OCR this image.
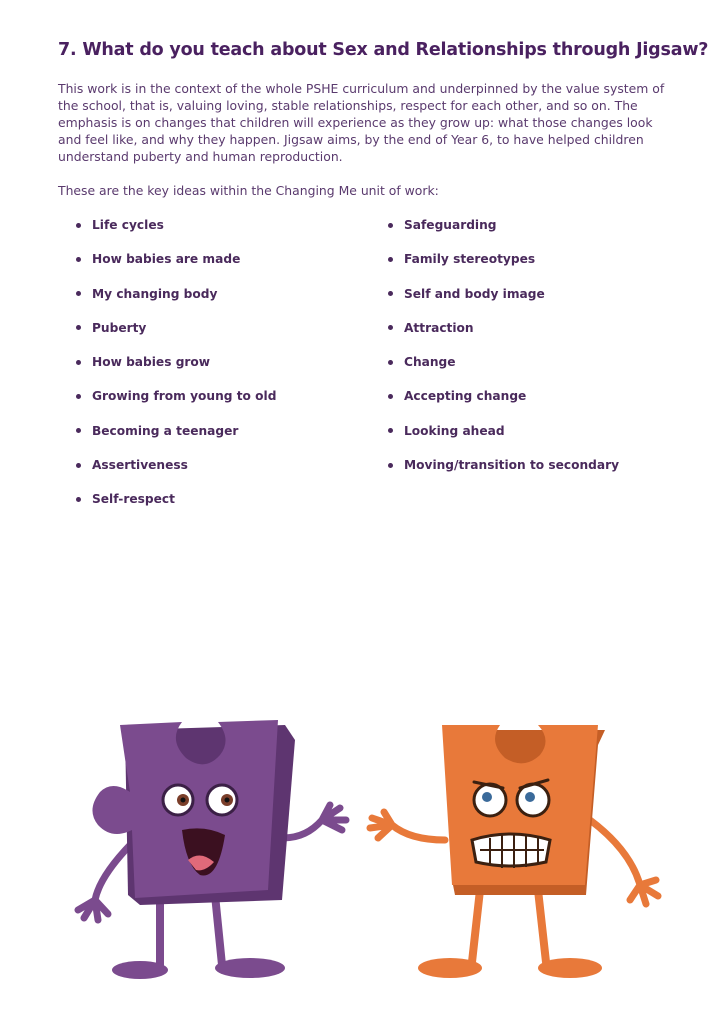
7. What do you teach about Sex and Relationships through Jigsaw?

This work is in the context of the whole PSHE curriculum and underpinned by the value system of the school, that is, valuing loving, stable relationships, respect for each other, and so on. The emphasis is on changes that children will experience as they grow up: what those changes look and feel like, and why they happen. Jigsaw aims, by the end of Year 6, to have helped children understand puberty and human reproduction.

These are the key ideas within the Changing Me unit of work:

Life cycles
How babies are made
My changing body
Puberty
How babies grow
Growing from young to old
Becoming a teenager
Assertiveness
Self-respect
Safeguarding
Family stereotypes
Self and body image
Attraction
Change
Accepting change
Looking ahead
Moving/transition to secondary
